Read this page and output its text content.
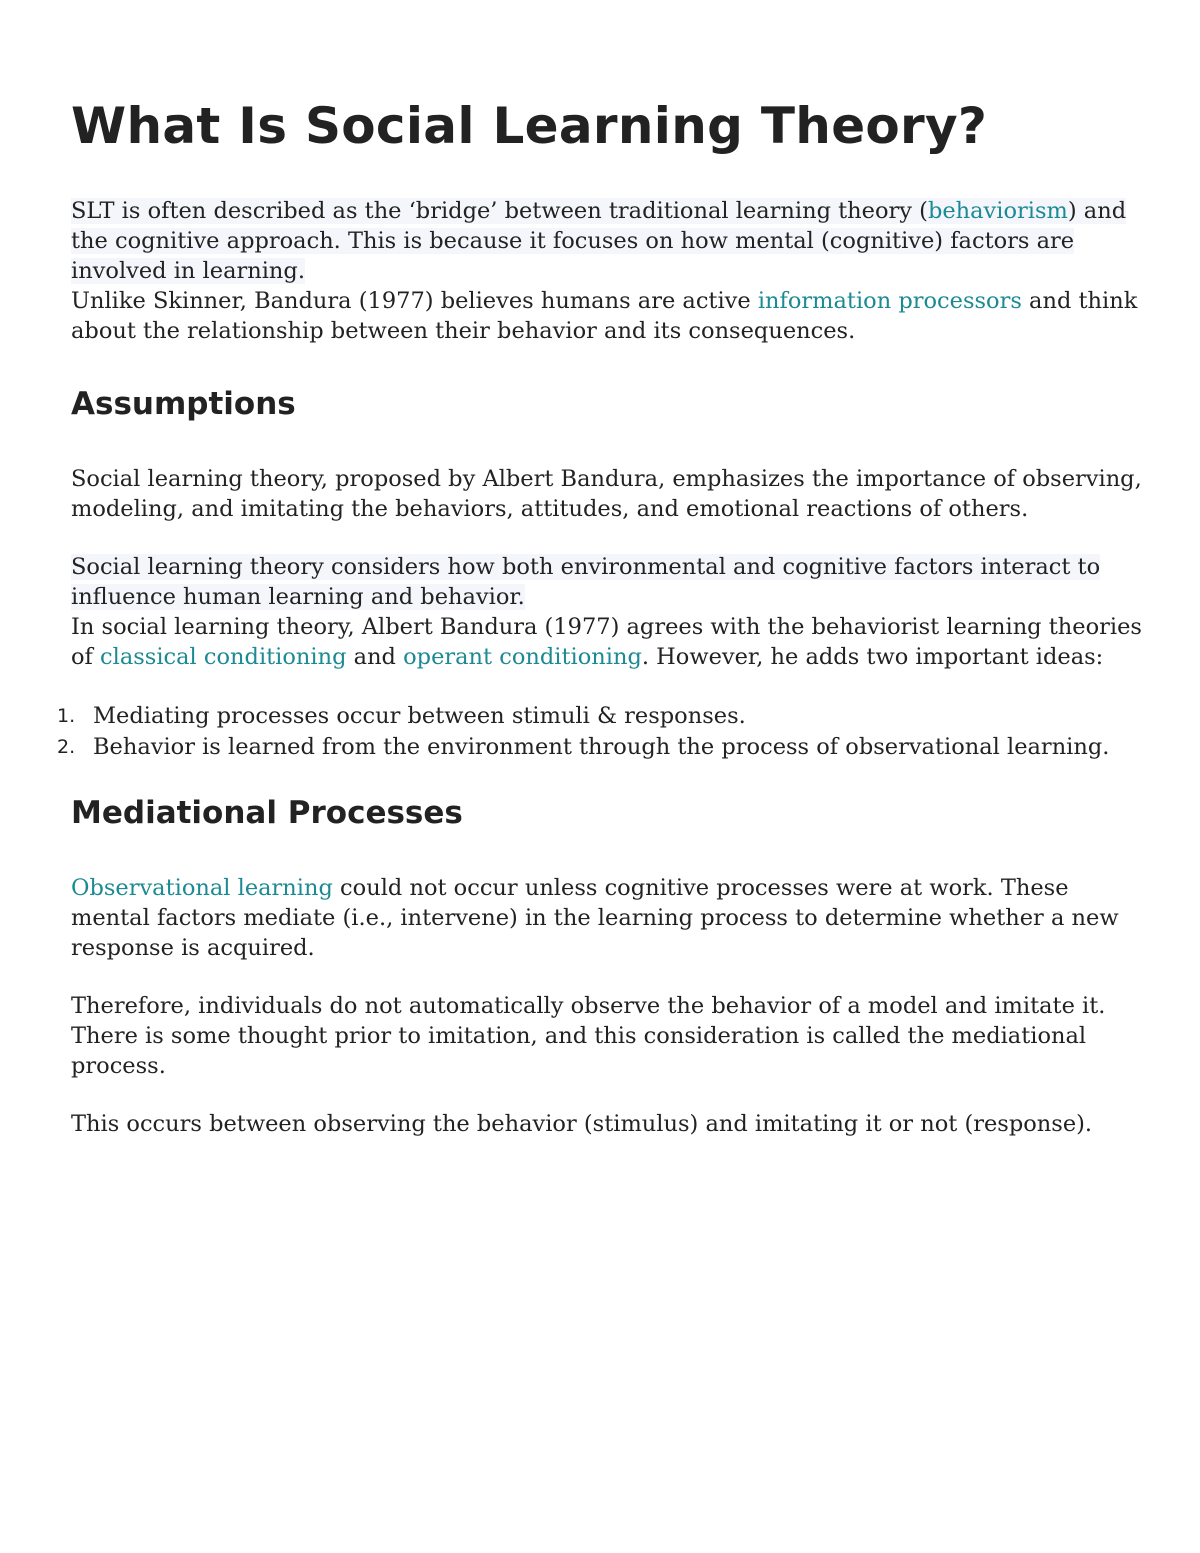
What Is Social Learning Theory?

SLT is often described as the ‘bridge’ between traditional learning theory (behaviorism) and the cognitive approach. This is because it focuses on how mental (cognitive) factors are involved in learning.

Unlike Skinner, Bandura (1977) believes humans are active information processors and think about the relationship between their behavior and its consequences.

Assumptions

Social learning theory, proposed by Albert Bandura, emphasizes the importance of observing, modeling, and imitating the behaviors, attitudes, and emotional reactions of others.

Social learning theory considers how both environmental and cognitive factors interact to influence human learning and behavior.

In social learning theory, Albert Bandura (1977) agrees with the behaviorist learning theories of classical conditioning and operant conditioning. However, he adds two important ideas:

1. Mediating processes occur between stimuli & responses.
2. Behavior is learned from the environment through the process of observational learning.
Mediational Processes

Observational learning could not occur unless cognitive processes were at work. These mental factors mediate (i.e., intervene) in the learning process to determine whether a new response is acquired.

Therefore, individuals do not automatically observe the behavior of a model and imitate it. There is some thought prior to imitation, and this consideration is called the mediational process.

This occurs between observing the behavior (stimulus) and imitating it or not (response).
